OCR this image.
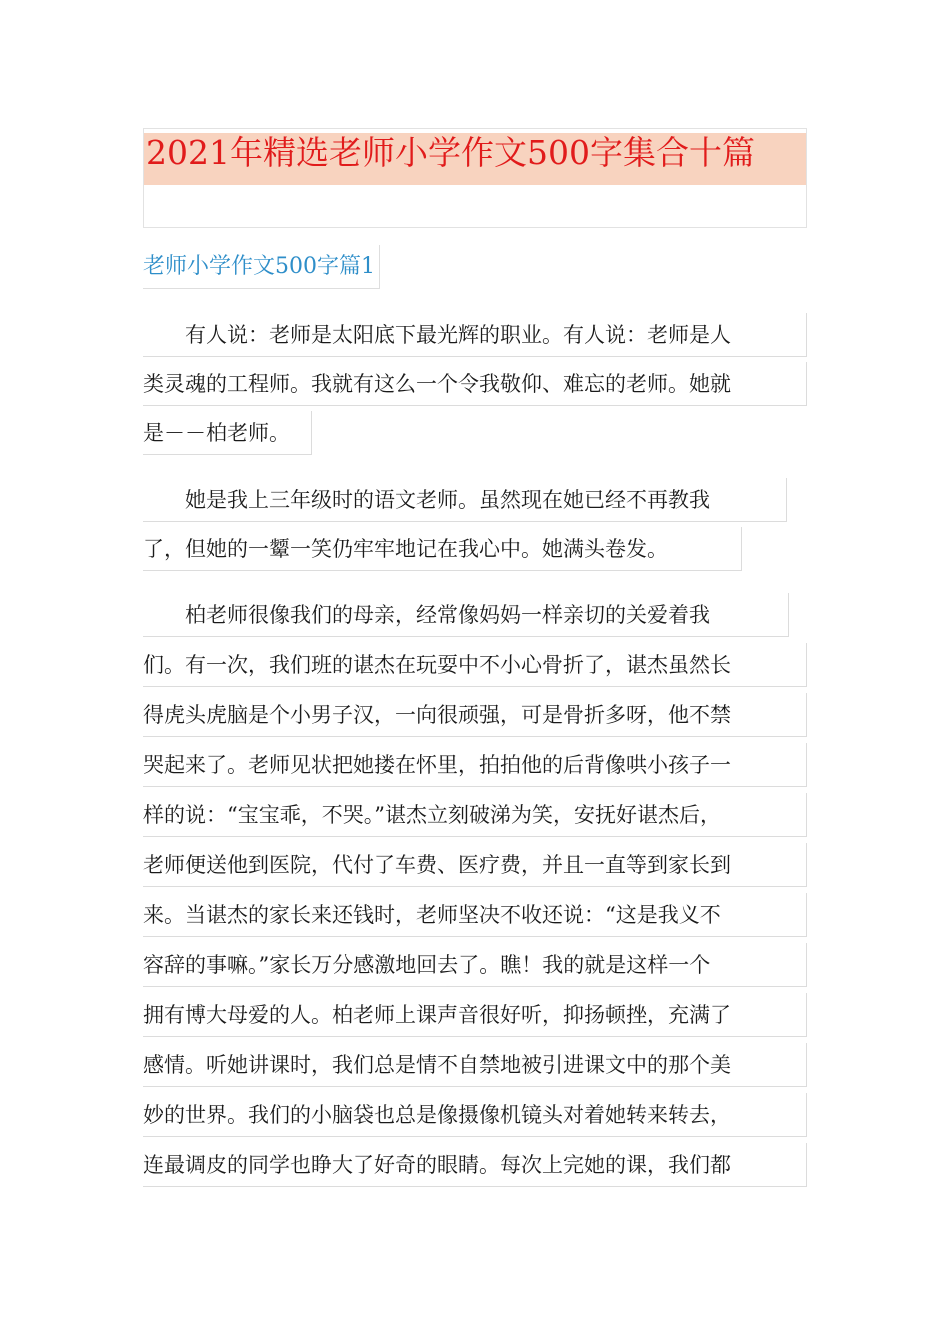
2021年精选老师小学作文500字集合十篇
老师小学作文500字篇1
　　有人说：老师是太阳底下最光辉的职业。有人说：老师是人
类灵魂的工程师。我就有这么一个令我敬仰、难忘的老师。她就
是－－柏老师。
　　她是我上三年级时的语文老师。虽然现在她已经不再教我
了，但她的一颦一笑仍牢牢地记在我心中。她满头卷发。
　　柏老师很像我们的母亲，经常像妈妈一样亲切的关爱着我
们。有一次，我们班的谌杰在玩耍中不小心骨折了，谌杰虽然长
得虎头虎脑是个小男子汉，一向很顽强，可是骨折多呀，他不禁
哭起来了。老师见状把她搂在怀里，拍拍他的后背像哄小孩子一
样的说：“宝宝乖，不哭。”谌杰立刻破涕为笑，安抚好谌杰后，
老师便送他到医院，代付了车费、医疗费，并且一直等到家长到
来。当谌杰的家长来还钱时，老师坚决不收还说：“这是我义不
容辞的事嘛。”家长万分感激地回去了。瞧！我的就是这样一个
拥有博大母爱的人。柏老师上课声音很好听，抑扬顿挫，充满了
感情。听她讲课时，我们总是情不自禁地被引进课文中的那个美
妙的世界。我们的小脑袋也总是像摄像机镜头对着她转来转去，
连最调皮的同学也睁大了好奇的眼睛。每次上完她的课，我们都
